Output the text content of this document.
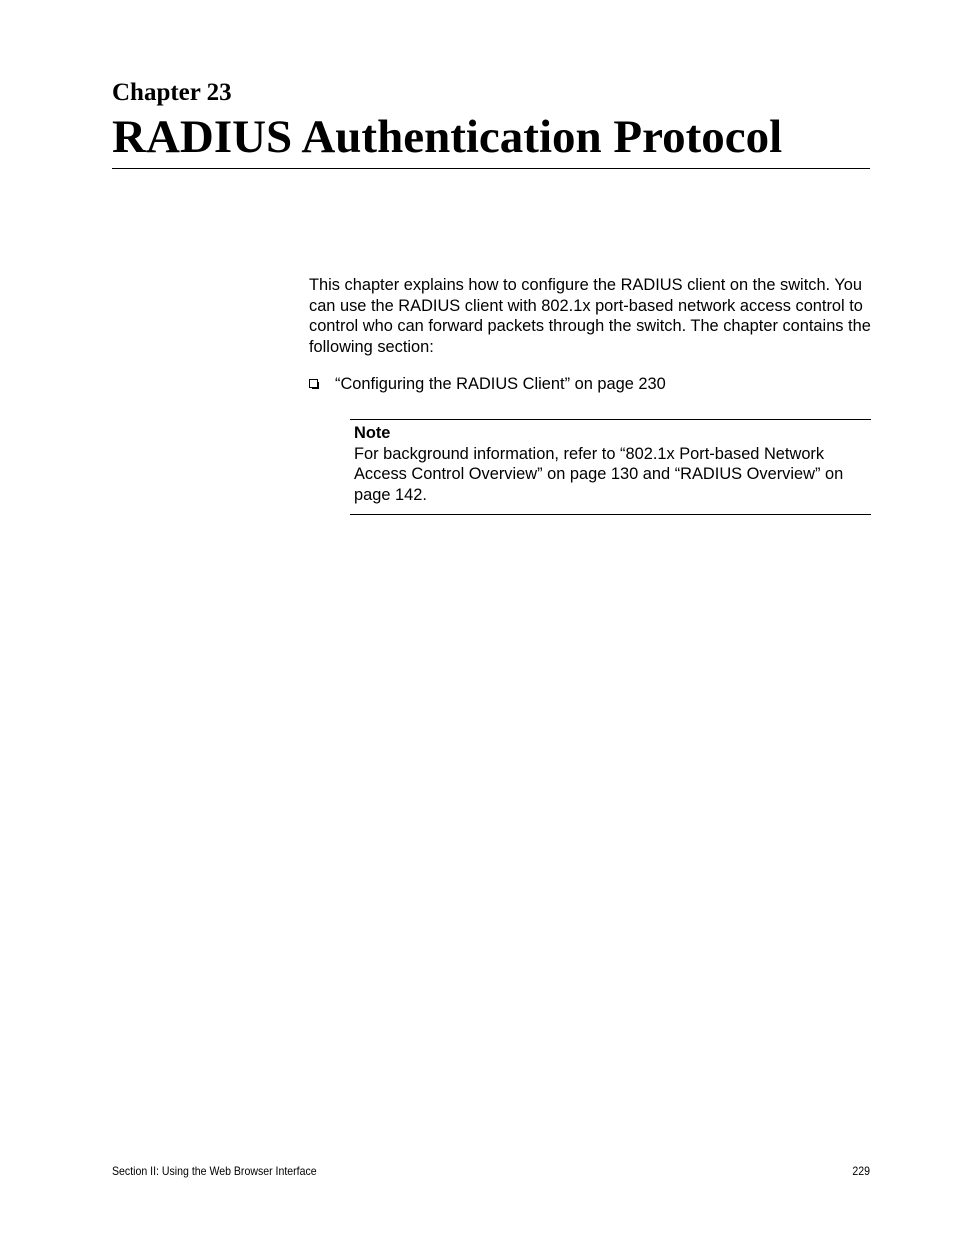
Chapter 23
RADIUS Authentication Protocol

This chapter explains how to configure the RADIUS client on the switch. You can use the RADIUS client with 802.1x port-based network access control to control who can forward packets through the switch. The chapter contains the following section:

“Configuring the RADIUS Client” on page 230
Note
For background information, refer to “802.1x Port-based Network Access Control Overview” on page 130 and “RADIUS Overview” on page 142.
Section II: Using the Web Browser Interface	229
